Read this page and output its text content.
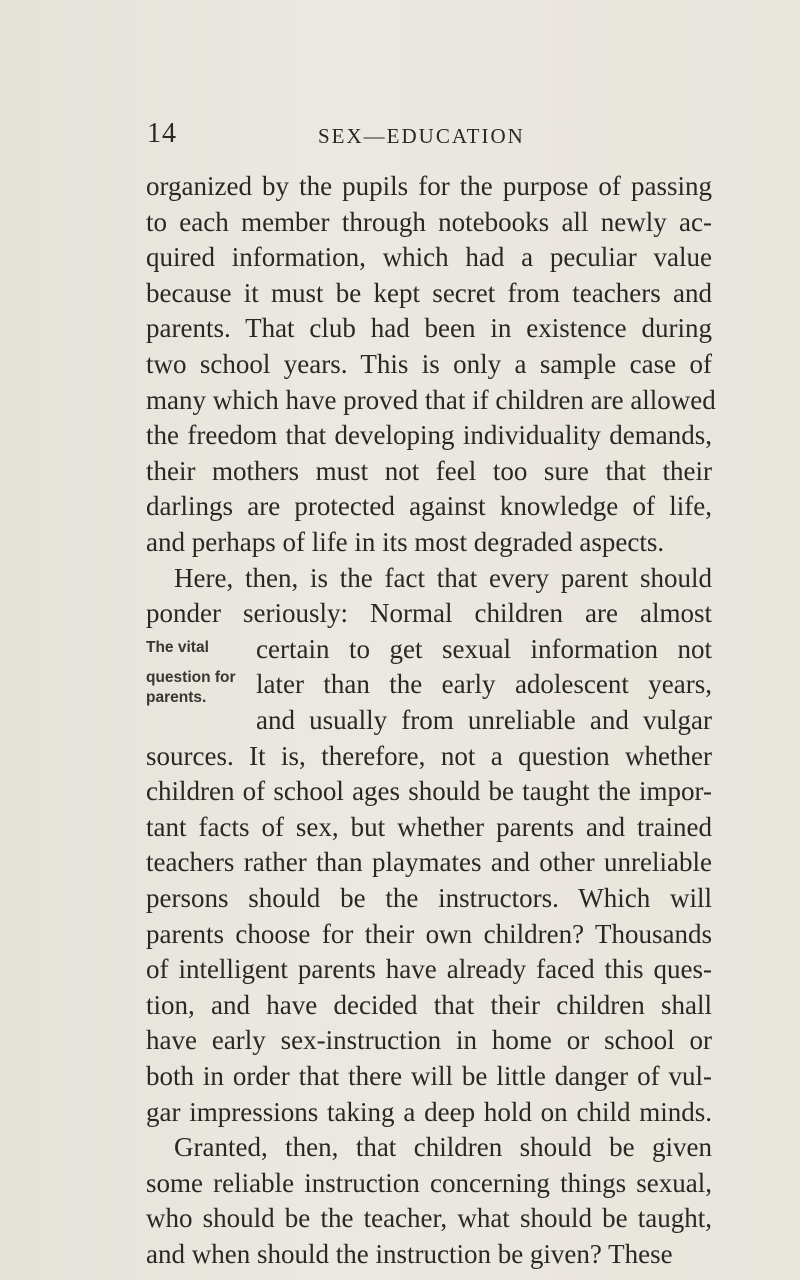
14	SEX—EDUCATION
organized by the pupils for the purpose of passing
to each member through notebooks all newly ac-
quired information, which had a peculiar value
because it must be kept secret from teachers and
parents. That club had been in existence during
two school years. This is only a sample case of
many which have proved that if children are allowed
the freedom that developing individuality demands,
their mothers must not feel too sure that their
darlings are protected against knowledge of life,
and perhaps of life in its most degraded aspects.
Here, then, is the fact that every parent should
ponder seriously: Normal children are almost
certain to get sexual information not
later than the early adolescent years,
and usually from unreliable and vulgar
sources. It is, therefore, not a question whether
children of school ages should be taught the impor-
tant facts of sex, but whether parents and trained
teachers rather than playmates and other unreliable
persons should be the instructors. Which will
parents choose for their own children? Thousands
of intelligent parents have already faced this ques-
tion, and have decided that their children shall
have early sex-instruction in home or school or
both in order that there will be little danger of vul-
gar impressions taking a deep hold on child minds.
Granted, then, that children should be given
some reliable instruction concerning things sexual,
who should be the teacher, what should be taught,
and when should the instruction be given? These
The vital
question for
parents.
